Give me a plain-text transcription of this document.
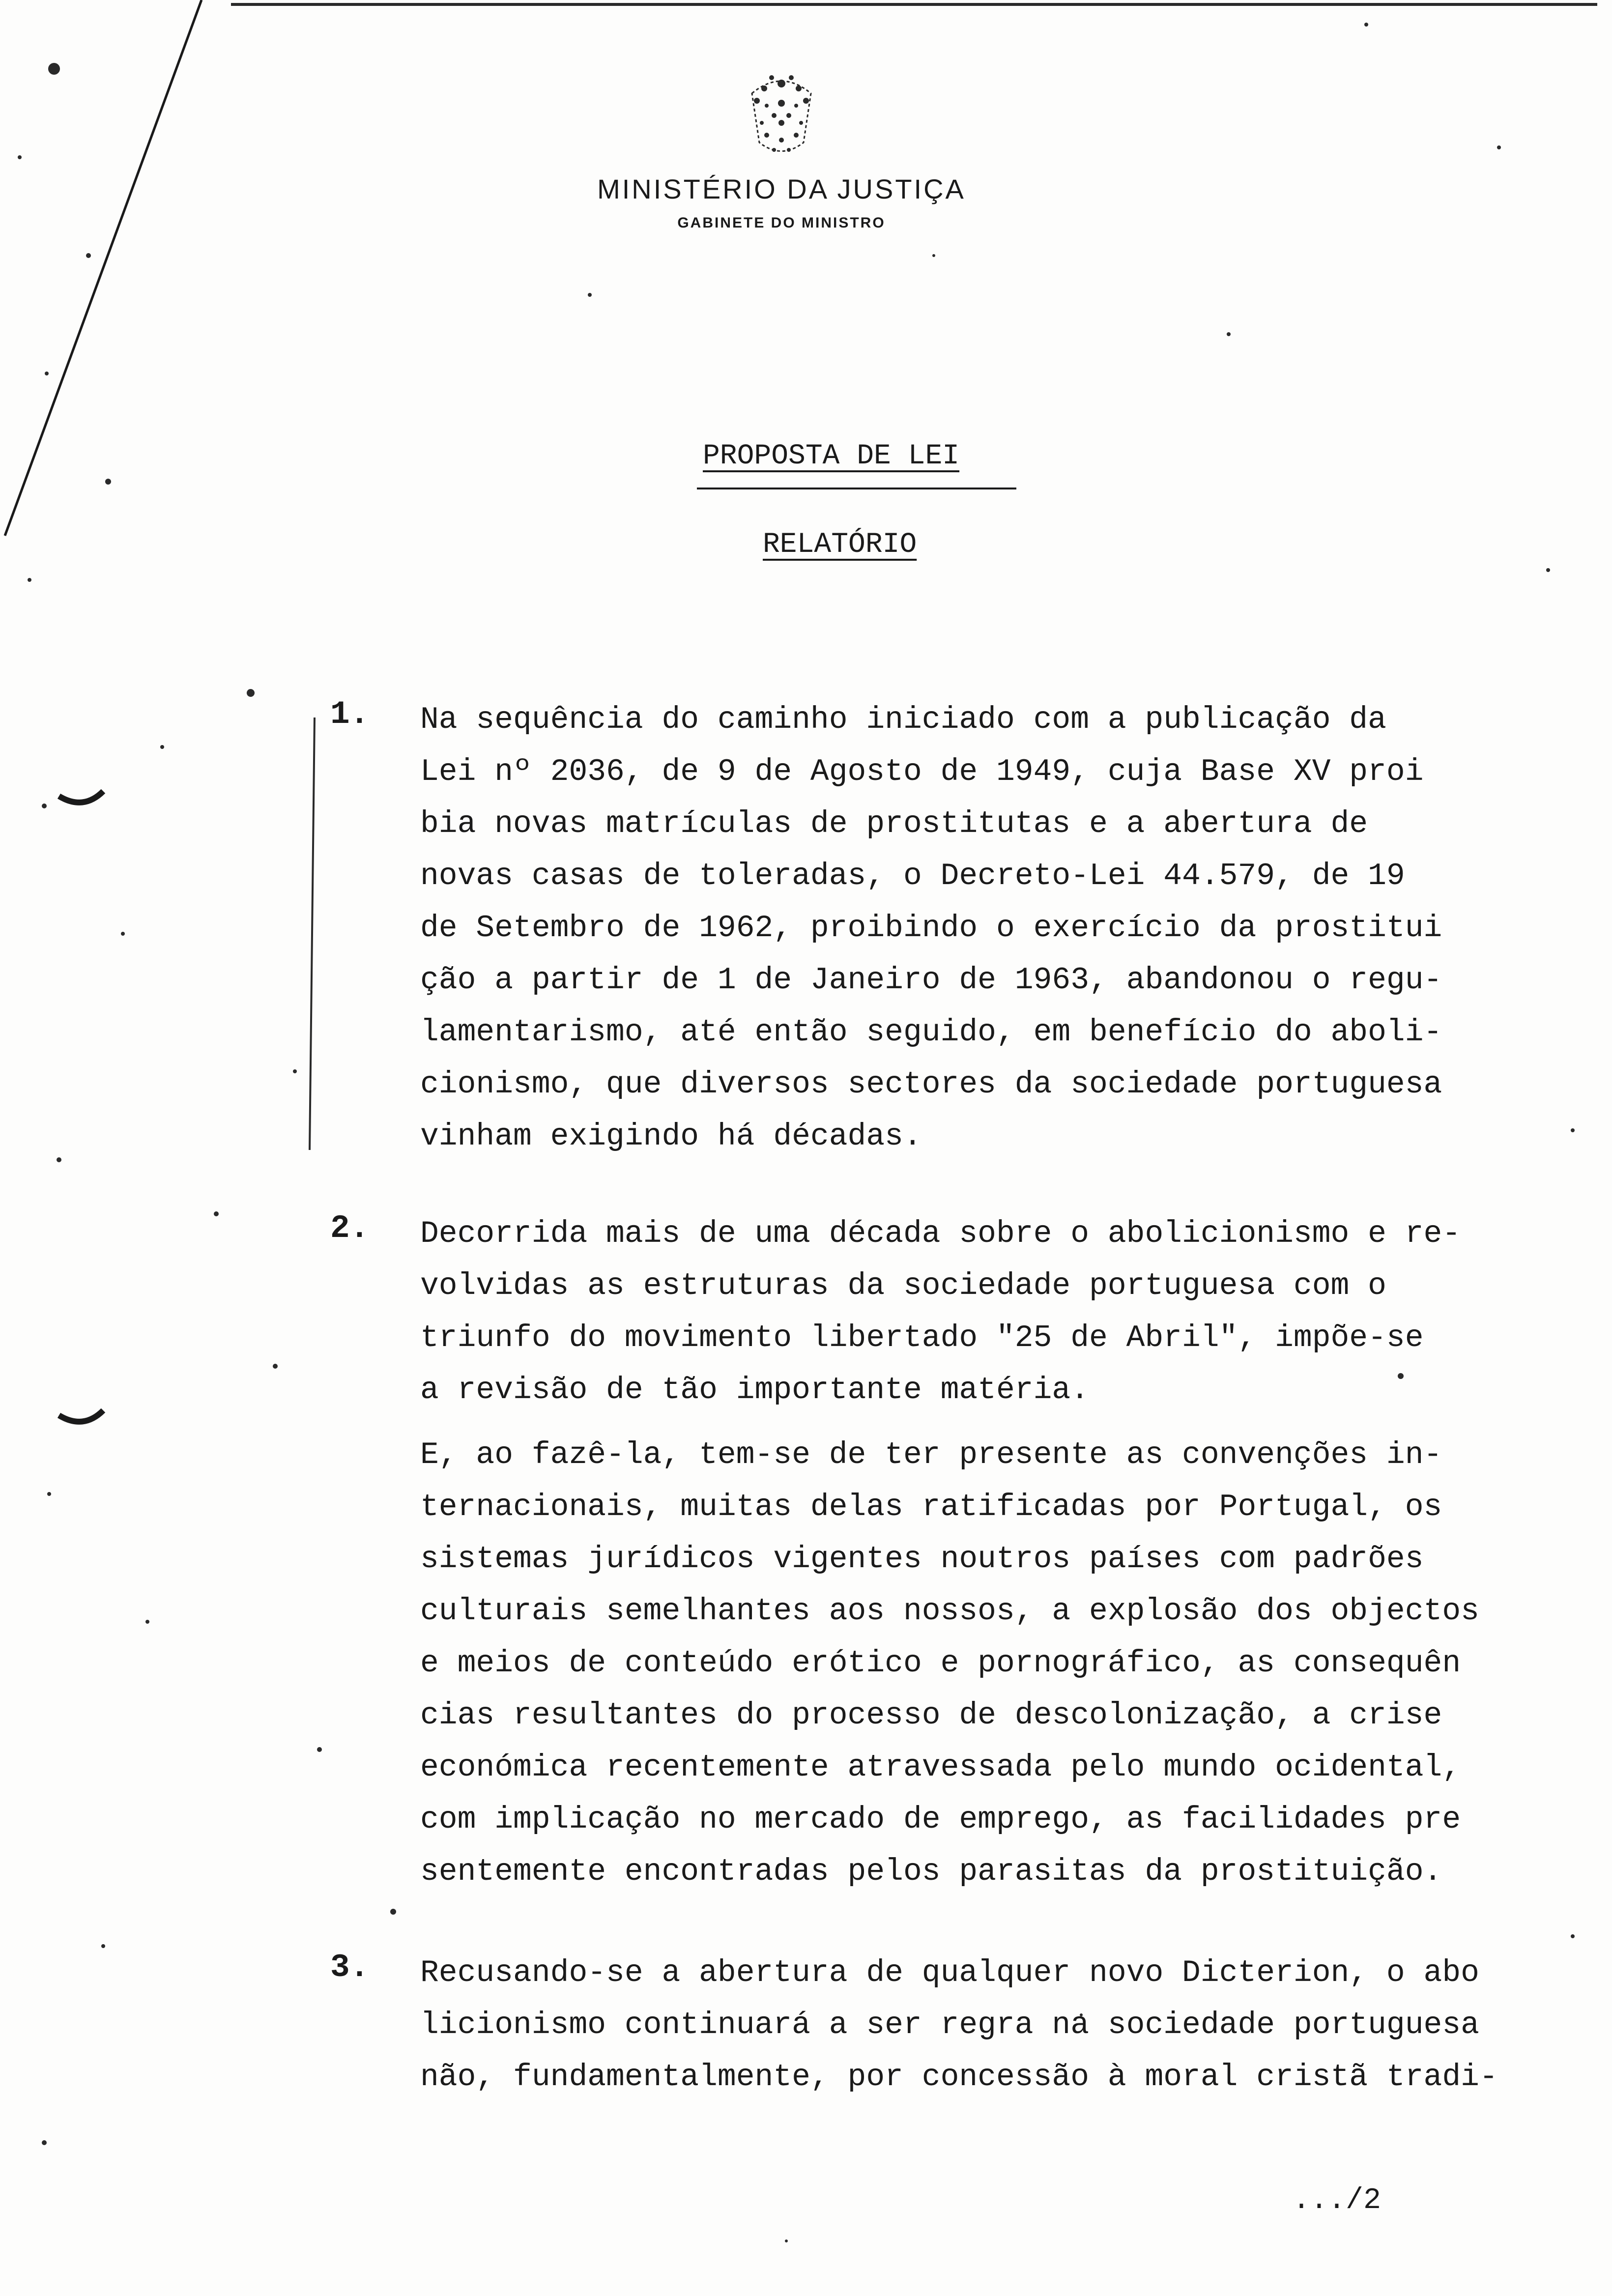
MINISTÉRIO DA JUSTIÇA
GABINETE DO MINISTRO
PROPOSTA DE LEI
RELATÓRIO
1. Na sequência do caminho iniciado com a publicação da
Lei nº 2036, de 9 de Agosto de 1949, cuja Base XV proi
bia novas matrículas de prostitutas e a abertura de
novas casas de toleradas, o Decreto-Lei 44.579, de 19
de Setembro de 1962, proibindo o exercício da prostitui
ção a partir de 1 de Janeiro de 1963, abandonou o regu-
lamentarismo, até então seguido, em benefício do aboli-
cionismo, que diversos sectores da sociedade portuguesa
vinham exigindo há décadas.
2. Decorrida mais de uma década sobre o abolicionismo e re-
volvidas as estruturas da sociedade portuguesa com o
triunfo do movimento libertado "25 de Abril", impõe-se
a revisão de tão importante matéria.
E, ao fazê-la, tem-se de ter presente as convenções in-
ternacionais, muitas delas ratificadas por Portugal, os
sistemas jurídicos vigentes noutros países com padrões
culturais semelhantes aos nossos, a explosão dos objectos
e meios de conteúdo erótico e pornográfico, as consequên
cias resultantes do processo de descolonização, a crise
económica recentemente atravessada pelo mundo ocidental,
com implicação no mercado de emprego, as facilidades pre
sentemente encontradas pelos parasitas da prostituição.
3. Recusando-se a abertura de qualquer novo Dicterion, o abo
licionismo continuará a ser regra na sociedade portuguesa
não, fundamentalmente, por concessão à moral cristã tradi-
.../2
